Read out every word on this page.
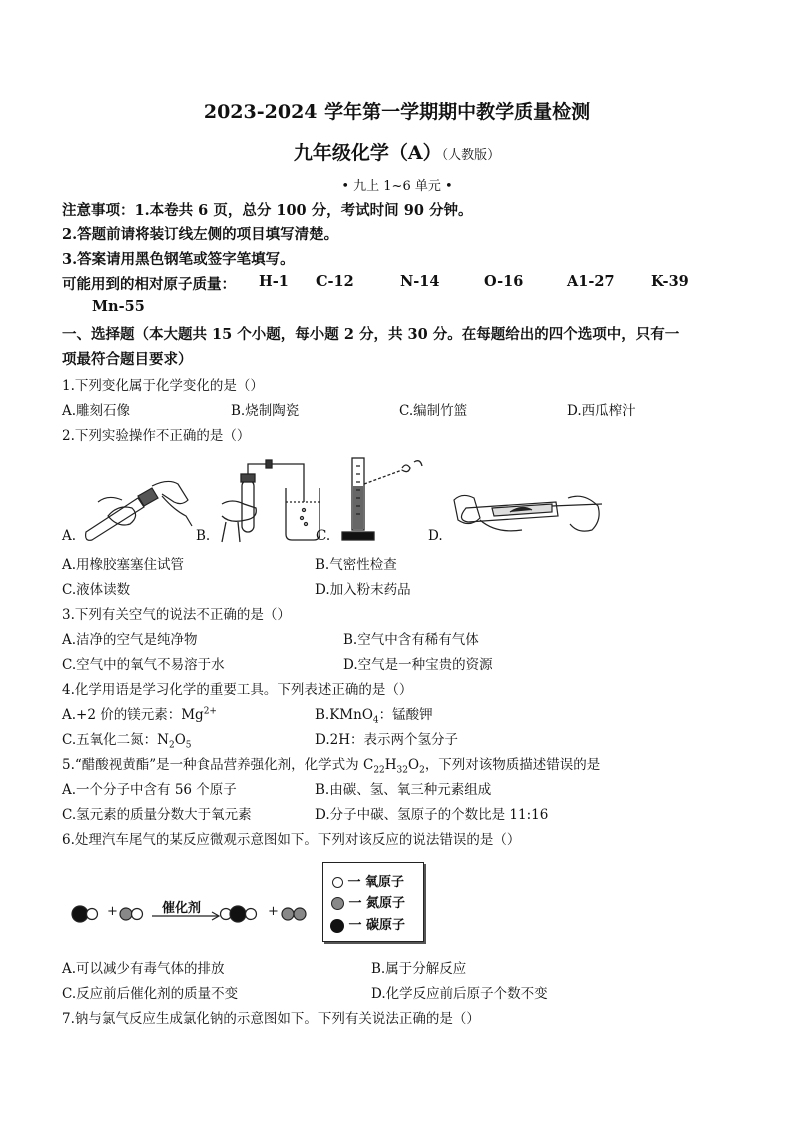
2023-2024 学年第一学期期中教学质量检测
九年级化学（A）（人教版）
• 九上 1~6 单元 •
注意事项：1.本卷共 6 页，总分 100 分，考试时间 90 分钟。
2.答题前请将装订线左侧的项目填写清楚。
3.答案请用黑色钢笔或签字笔填写。
可能用到的相对原子质量： H-1 C-12	N-14	O-16	A1-27	K-39
Mn-55
一、选择题（本大题共 15 个小题，每小题 2 分，共 30 分。在每题给出的四个选项中，只有一
项最符合题目要求）
1.下列变化属于化学变化的是（）
A.雕刻石像	B.烧制陶瓷	C.编制竹篮	D.西瓜榨汁
2.下列实验操作不正确的是（）
A.	B.	C.	D.
A.用橡胶塞塞住试管	B.气密性检查
C.液体读数	D.加入粉末药品
3.下列有关空气的说法不正确的是（）
A.洁净的空气是纯净物	B.空气中含有稀有气体
C.空气中的氧气不易溶于水	D.空气是一种宝贵的资源
4.化学用语是学习化学的重要工具。下列表述正确的是（）
A.+2 价的镁元素：$Mg^{2+}$	B.KMnO$_4$：锰酸钾
C.五氧化二氮：$N_2O_5$	D.2H：表示两个氢分子
5.“醋酸视黄酯”是一种食品营养强化剂，化学式为 $C_{22}H_{32}O_2$，下列对该物质描述错误的是
A.一个分子中含有 56 个原子	B.由碳、氢、氧三种元素组成
C.氢元素的质量分数大于氧元素	D.分子中碳、氢原子的个数比是 11:16
6.处理汽车尾气的某反应微观示意图如下。下列对该反应的说法错误的是（）
+	+
催化剂
一 氧原子
一 氮原子
一 碳原子
A.可以减少有毒气体的排放	B.属于分解反应
C.反应前后催化剂的质量不变	D.化学反应前后原子个数不变
7.钠与氯气反应生成氯化钠的示意图如下。下列有关说法正确的是（）
